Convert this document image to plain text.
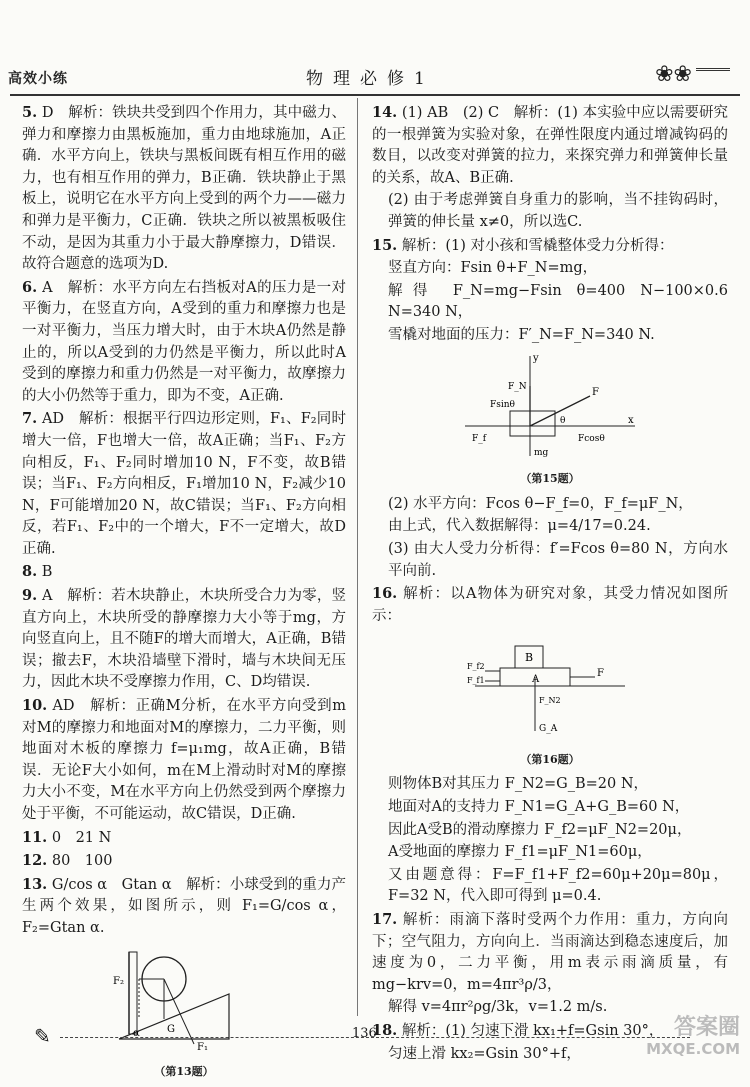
高效小练	物理必修1	❀❀
5. D　解析：铁块共受到四个作用力，其中磁力、弹力和摩擦力由黑板施加，重力由地球施加，A正确．水平方向上，铁块与黑板间既有相互作用的磁力，也有相互作用的弹力，B正确．铁块静止于黑板上，说明它在水平方向上受到的两个力——磁力和弹力是平衡力，C正确．铁块之所以被黑板吸住不动，是因为其重力小于最大静摩擦力，D错误．故符合题意的选项为D.
6. A　解析：水平方向左右挡板对A的压力是一对平衡力，在竖直方向，A受到的重力和摩擦力也是一对平衡力，当压力增大时，由于木块A仍然是静止的，所以A受到的力仍然是平衡力，所以此时A受到的摩擦力和重力仍然是一对平衡力，故摩擦力的大小仍然等于重力，即为不变，A正确.
7. AD　解析：根据平行四边形定则，F₁、F₂同时增大一倍，F也增大一倍，故A正确；当F₁、F₂方向相反，F₁、F₂同时增加10 N，F不变，故B错误；当F₁、F₂方向相反，F₁增加10 N，F₂减少10 N，F可能增加20 N，故C错误；当F₁、F₂方向相反，若F₁、F₂中的一个增大，F不一定增大，故D正确.
8. B
9. A　解析：若木块静止，木块所受合力为零，竖直方向上，木块所受的静摩擦力大小等于mg，方向竖直向上，且不随F的增大而增大，A正确，B错误；撤去F，木块沿墙壁下滑时，墙与木块间无压力，因此木块不受摩擦力作用，C、D均错误.
10. AD　解析：正确M分析，在水平方向受到m对M的摩擦力和地面对M的摩擦力，二力平衡，则地面对木板的摩擦力 f=μ₁mg，故A正确，B错误．无论F大小如何，m在M上滑动时对M的摩擦力大小不变，M在水平方向上仍然受到两个摩擦力处于平衡，不可能运动，故C错误，D正确.
11. 0　21 N
12. 80　100
13. G/cos α　Gtan α　解析：小球受到的重力产生两个效果，如图所示，则 F₁=G/cos α，F₂=Gtan α.
F₂
G
F₁
α
（第13题）
14. (1) AB　(2) C　解析：(1) 本实验中应以需要研究的一根弹簧为实验对象，在弹性限度内通过增减钩码的数目，以改变对弹簧的拉力，来探究弹力和弹簧伸长量的关系，故A、B正确.
(2) 由于考虑弹簧自身重力的影响，当不挂钩码时，弹簧的伸长量 x≠0，所以选C.
15. 解析：(1) 对小孩和雪橇整体受力分析得：
竖直方向：Fsin θ+F_N=mg，
解得 F_N=mg−Fsin θ=400 N−100×0.6 N=340 N，
雪橇对地面的压力：F′_N=F_N=340 N.
y
F_N
Fsinθ
F
θ
F_f	Fcosθ
x
mg
（第15题）
(2) 水平方向：Fcos θ−F_f=0，F_f=μF_N，
由上式，代入数据解得：μ=4/17=0.24.
(3) 由大人受力分析得：f′=Fcos θ=80 N，方向水平向前.
16. 解析：以A物体为研究对象，其受力情况如图所示：
B
A
F_f2
F_f1
F
F_N2
G_A
（第16题）
则物体B对其压力 F_N2=G_B=20 N，
地面对A的支持力 F_N1=G_A+G_B=60 N，
因此A受B的滑动摩擦力 F_f2=μF_N2=20μ，
A受地面的摩擦力 F_f1=μF_N1=60μ，
又由题意得：F=F_f1+F_f2=60μ+20μ=80μ，F=32 N，代入即可得到 μ=0.4.
17. 解析：雨滴下落时受两个力作用：重力，方向向下；空气阻力，方向向上．当雨滴达到稳态速度后，加速度为0，二力平衡，用m表示雨滴质量，有 mg−krv=0，m=4πr³ρ/3，
解得 v=4πr²ρg/3k，v=1.2 m/s.
18. 解析：(1) 匀速下滑 kx₁+f=Gsin 30°，
匀速上滑 kx₂=Gsin 30°+f，
✎	136	答案圈
MXQE.COM
